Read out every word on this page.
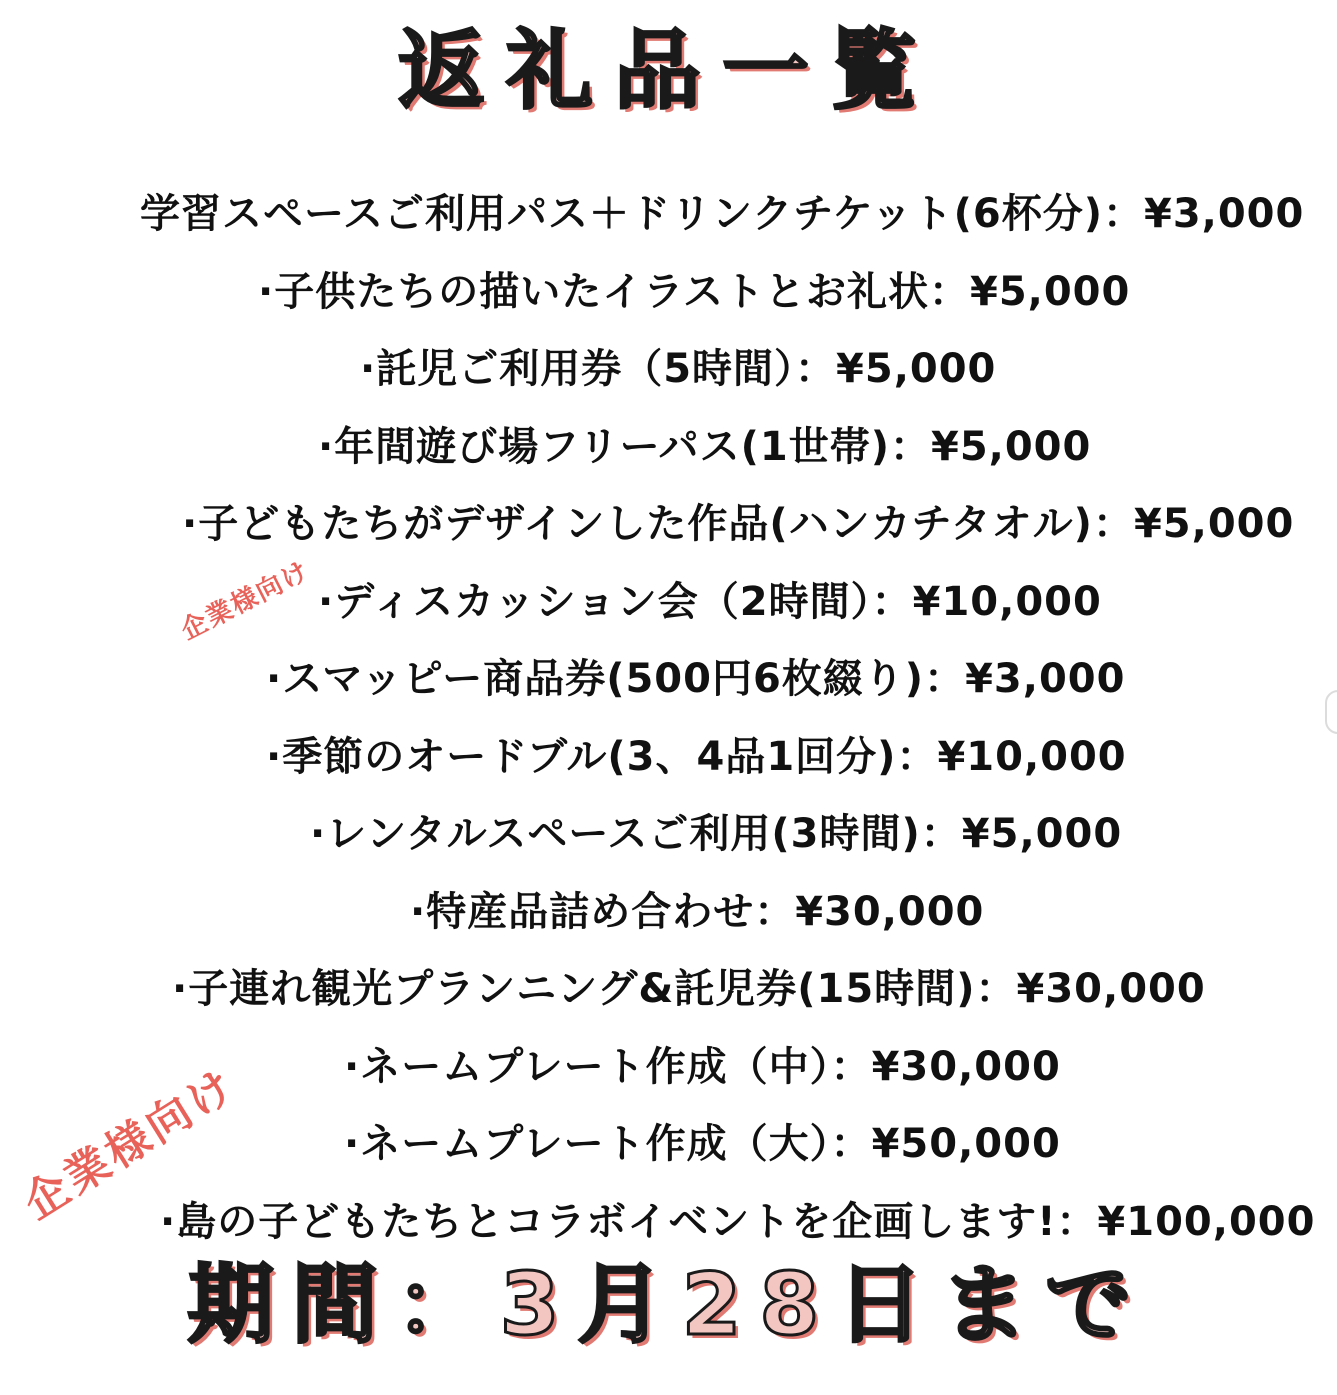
返礼品一覧
学習スペースご利用パス＋ドリンクチケット(6杯分)：¥3,000
·子供たちの描いたイラストとお礼状：¥5,000
·託児ご利用券（5時間）：¥5,000
·年間遊び場フリーパス(1世帯)：¥5,000
·子どもたちがデザインした作品(ハンカチタオル)：¥5,000
·ディスカッション会（2時間）：¥10,000
·スマッピー商品券(500円6枚綴り)：¥3,000
·季節のオードブル(3、4品1回分)：¥10,000
·レンタルスペースご利用(3時間)：¥5,000
·特産品詰め合わせ：¥30,000
·子連れ観光プランニング&託児券(15時間)：¥30,000
·ネームプレート作成（中）：¥30,000
·ネームプレート作成（大）：¥50,000
·島の子どもたちとコラボイベントを企画します!：¥100,000
企業様向け
企業様向け
期間：3月28日まで
